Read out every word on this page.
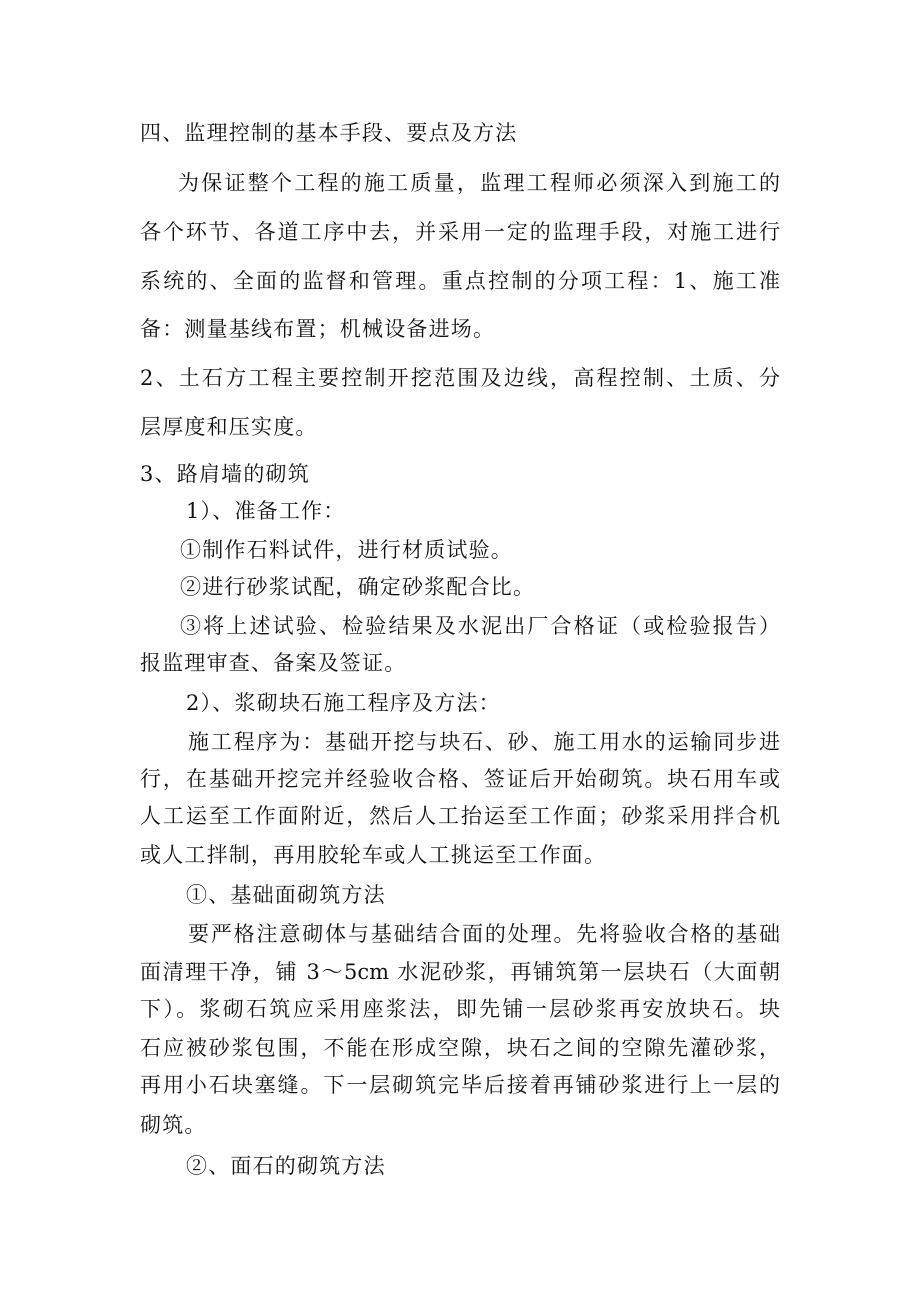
四、监理控制的基本手段、要点及方法

为保证整个工程的施工质量，监理工程师必须深入到施工的

各个环节、各道工序中去，并采用一定的监理手段，对施工进行

系统的、全面的监督和管理。重点控制的分项工程：1、施工准

备：测量基线布置；机械设备进场。

2、土石方工程主要控制开挖范围及边线，高程控制、土质、分

层厚度和压实度。

3、路肩墙的砌筑

1）、准备工作：

①制作石料试件，进行材质试验。

②进行砂浆试配，确定砂浆配合比。

③将上述试验、检验结果及水泥出厂合格证（或检验报告）

报监理审查、备案及签证。

2）、浆砌块石施工程序及方法：

施工程序为：基础开挖与块石、砂、施工用水的运输同步进

行，在基础开挖完并经验收合格、签证后开始砌筑。块石用车或

人工运至工作面附近，然后人工抬运至工作面；砂浆采用拌合机

或人工拌制，再用胶轮车或人工挑运至工作面。

①、基础面砌筑方法

要严格注意砌体与基础结合面的处理。先将验收合格的基础

面清理干净，铺 3～5cm 水泥砂浆，再铺筑第一层块石（大面朝

下）。浆砌石筑应采用座浆法，即先铺一层砂浆再安放块石。块

石应被砂浆包围，不能在形成空隙，块石之间的空隙先灌砂浆，

再用小石块塞缝。下一层砌筑完毕后接着再铺砂浆进行上一层的

砌筑。

②、面石的砌筑方法
